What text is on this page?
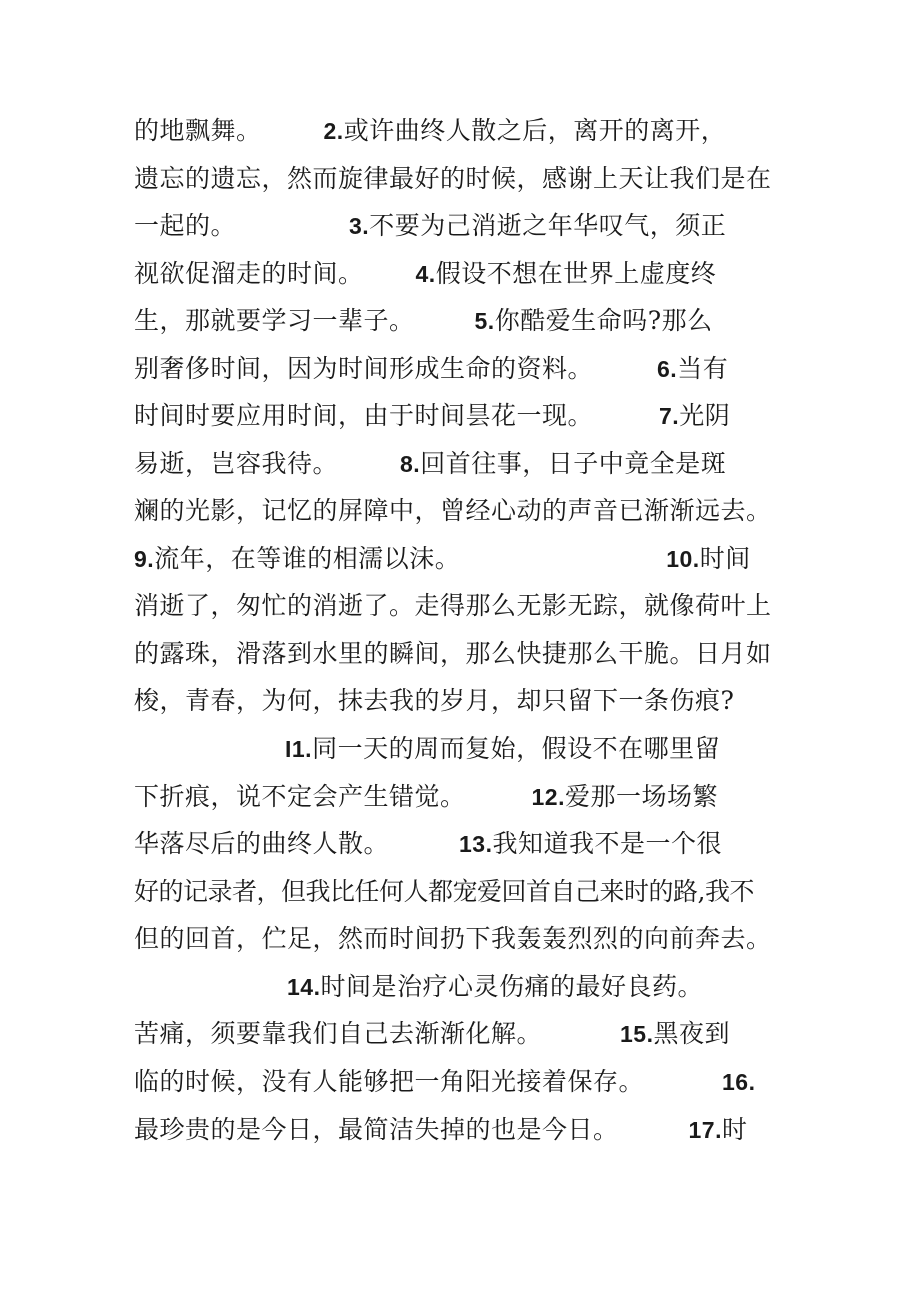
的地飘舞。	2.或许曲终人散之后，离开的离开，
遗忘的遗忘，然而旋律最好的时候，感谢上天让我们是在
一起的。	3.不要为己消逝之年华叹气，须正
视欲促溜走的时间。 4.假设不想在世界上虚度终
生，那就要学习一辈子。	5.你酷爱生命吗?那么
别奢侈时间，因为时间形成生命的资料。	6.当有
时间时要应用时间，由于时间昙花一现。	7.光阴
易逝，岂容我待。	8.回首往事，日子中竟全是斑
斓的光影，记忆的屏障中，曾经心动的声音已渐渐远去。
9.流年，在等谁的相濡以沫。	10.时间
消逝了，匆忙的消逝了。走得那么无影无踪，就像荷叶上
的露珠，滑落到水里的瞬间，那么快捷那么干脆。日月如
梭，青春，为何，抹去我的岁月，却只留下一条伤痕?
I1.同一天的周而复始，假设不在哪里留
下折痕，说不定会产生错觉。	12.爱那一场场繁
华落尽后的曲终人散。	13.我知道我不是一个很
好的记录者，但我比任何人都宠爱回首自己来时的路,我不
但的回首，伫足，然而时间扔下我轰轰烈烈的向前奔去。
14.时间是治疗心灵伤痛的最好良药。
苦痛，须要靠我们自己去渐渐化解。	15.黑夜到
临的时候，没有人能够把一角阳光接着保存。	16.
最珍贵的是今日，最简洁失掉的也是今日。	17.时
